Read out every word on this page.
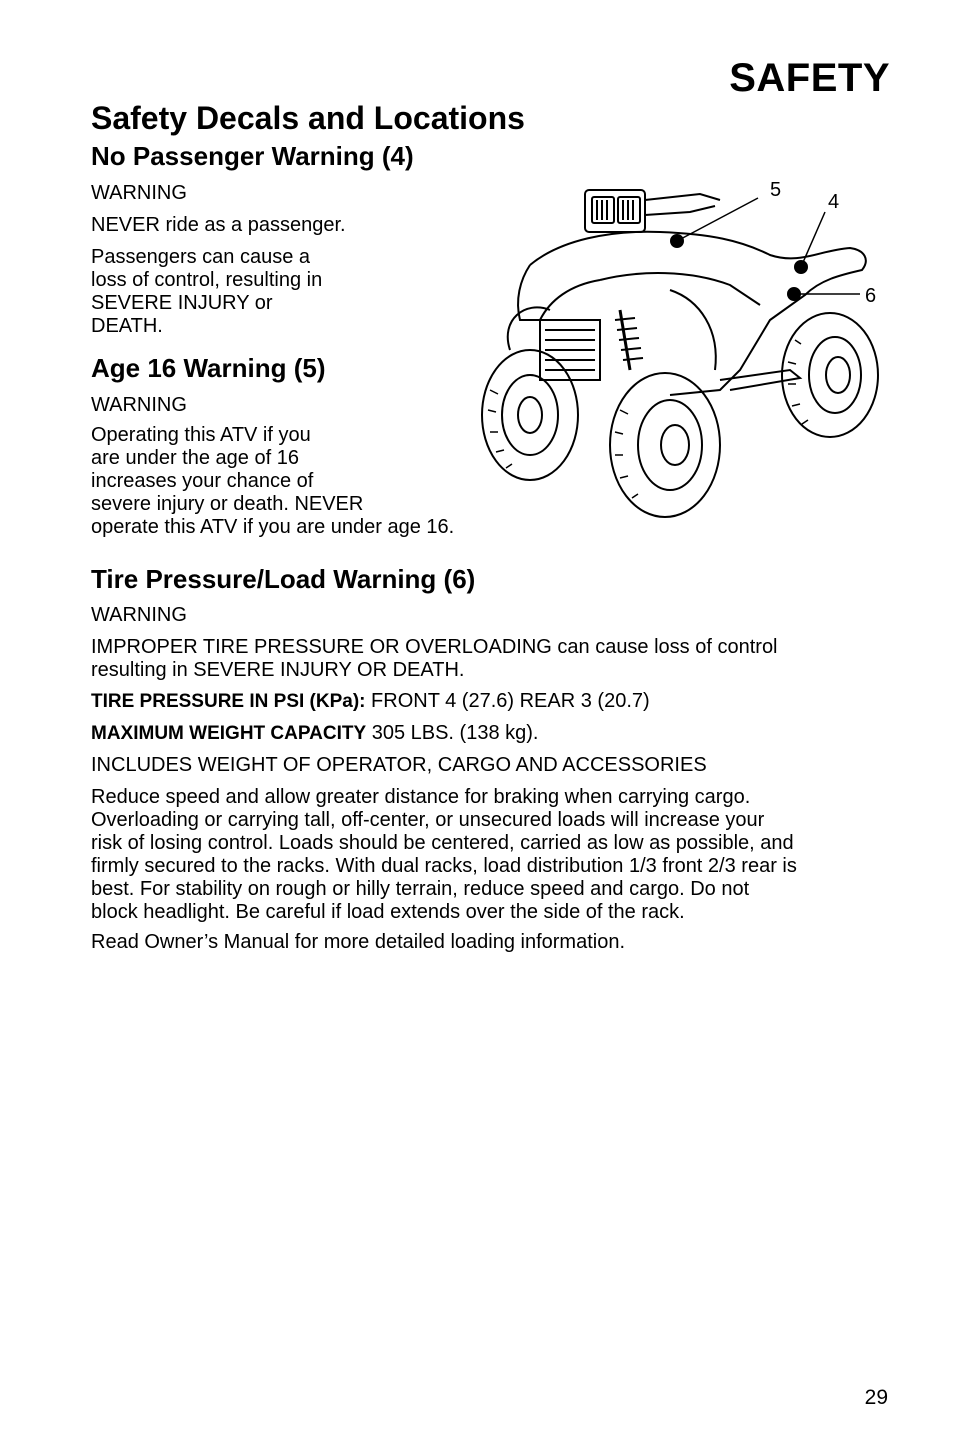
SAFETY
Safety Decals and Locations
No Passenger Warning (4)
WARNING
NEVER ride as a passenger.
Passengers can cause a
loss of control, resulting in
SEVERE INJURY or
DEATH.
Age 16 Warning (5)
WARNING
Operating this ATV if you
are under the age of 16
increases your chance of
severe injury or death. NEVER
operate this ATV if you are under age 16.
Tire Pressure/Load Warning (6)
WARNING
IMPROPER TIRE PRESSURE OR OVERLOADING can cause loss of control
resulting in SEVERE INJURY OR DEATH.
TIRE PRESSURE IN PSI (KPa): FRONT 4 (27.6) REAR 3 (20.7)
MAXIMUM WEIGHT CAPACITY 305 LBS. (138 kg).
INCLUDES WEIGHT OF OPERATOR, CARGO AND ACCESSORIES
Reduce speed and allow greater distance for braking when carrying cargo.
Overloading or carrying tall, off-center, or unsecured loads will increase your
risk of losing control. Loads should be centered, carried as low as possible, and
firmly secured to the racks. With dual racks, load distribution 1/3 front 2/3 rear is
best. For stability on rough or hilly terrain, reduce speed and cargo. Do not
block headlight. Be careful if load extends over the side of the rack.
Read Owner’s Manual for more detailed loading information.
5
4
6
29
